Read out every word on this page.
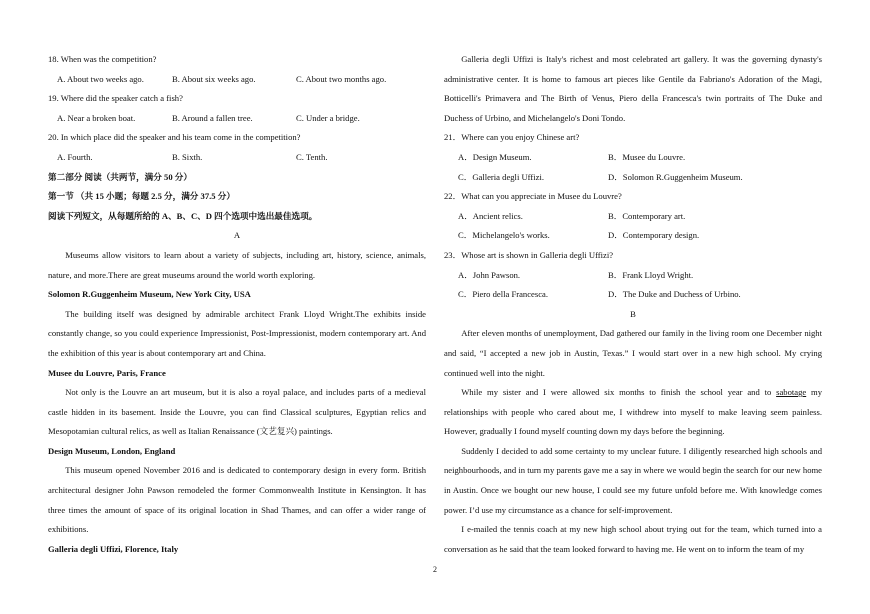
18. When was the competition?
A. About two weeks ago.	B. About six weeks ago.	C. About two months ago.
19. Where did the speaker catch a fish?
A. Near a broken boat.	B. Around a fallen tree.	C. Under a bridge.
20. In which place did the speaker and his team come in the competition?
A. Fourth.	B. Sixth.	C. Tenth.
第二部分 阅读（共两节，满分 50 分）
第一节 （共 15 小题；每题 2.5 分，满分 37.5 分）
阅读下列短文，从每题所给的 A、B、C、D 四个选项中选出最佳选项。
A

Museums allow visitors to learn about a variety of subjects, including art, history, science, animals, nature, and more.There are great museums around the world worth exploring.

Solomon R.Guggenheim Museum, New York City, USA

The building itself was designed by admirable architect Frank Lloyd Wright.The exhibits inside constantly change, so you could experience Impressionist, Post-Impressionist, modern contemporary art. And the exhibition of this year is about contemporary art and China.

Musee du Louvre, Paris, France

Not only is the Louvre an art museum, but it is also a royal palace, and includes parts of a medieval castle hidden in its basement. Inside the Louvre, you can find Classical sculptures, Egyptian relics and Mesopotamian cultural relics, as well as Italian Renaissance (文艺复兴) paintings.

Design Museum, London, England

This museum opened November 2016 and is dedicated to contemporary design in every form. British architectural designer John Pawson remodeled the former Commonwealth Institute in Kensington. It has three times the amount of space of its original location in Shad Thames, and can offer a wider range of exhibitions.

Galleria degli Uffizi, Florence, Italy

Galleria degli Uffizi is Italy's richest and most celebrated art gallery. It was the governing dynasty's administrative center. It is home to famous art pieces like Gentile da Fabriano's Adoration of the Magi, Botticelli's Primavera and The Birth of Venus, Piero della Francesca's twin portraits of The Duke and Duchess of Urbino, and Michelangelo's Doni Tondo.

21．Where can you enjoy Chinese art?
A．Design Museum.	B．Musee du Louvre.
C．Galleria degli Uffizi.	D．Solomon R.Guggenheim Museum.
22．What can you appreciate in Musee du Louvre?
A．Ancient relics.	B．Contemporary art.
C．Michelangelo's works.	D．Contemporary design.
23．Whose art is shown in Galleria degli Uffizi?
A．John Pawson.	B．Frank Lloyd Wright.
C．Piero della Francesca.	D．The Duke and Duchess of Urbino.
B

After eleven months of unemployment, Dad gathered our family in the living room one December night and said, “I accepted a new job in Austin, Texas.” I would start over in a new high school. My crying continued well into the night.

While my sister and I were allowed six months to finish the school year and to sabotage my relationships with people who cared about me, I withdrew into myself to make leaving seem painless. However, gradually I found myself counting down my days before the beginning.

Suddenly I decided to add some certainty to my unclear future. I diligently researched high schools and neighbourhoods, and in turn my parents gave me a say in where we would begin the search for our new home in Austin. Once we bought our new house, I could see my future unfold before me. With knowledge comes power. I’d use my circumstance as a chance for self-improvement.

I e-mailed the tennis coach at my new high school about trying out for the team, which turned into a conversation as he said that the team looked forward to having me. He went on to inform the team of my

2
